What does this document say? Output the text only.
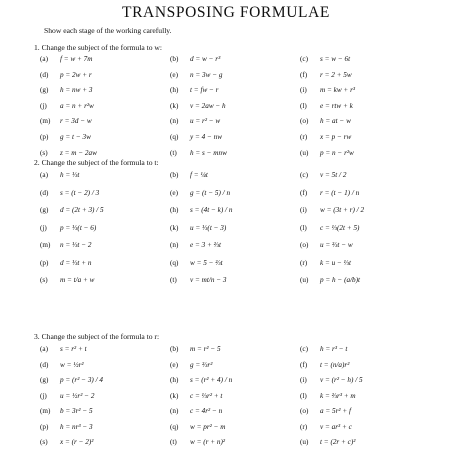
TRANSPOSING FORMULAE
Show each stage of the working carefully.
1. Change the subject of the formula to w:
(a) f = w + 7m	(b) d = w − r³	(c) s = w − 6t
(d) p = 2w + r	(e) n = 3w − g	(f) r = 2 + 5w
(g) h = nw + 3	(h) t = fw − r	(i) m = kw + r³
(j) a = n + r²w	(k) v = 2aw − h	(l) e = rtw + k
(m) r = 3d − w	(n) u = r² − w	(o) h = at − w
(p) g = t − 3w	(q) y = 4 − nw	(r) x = p − rw
(s) z = m − 2aw	(t) h = s − mnw	(u) p = n − r²w
2. Change the subject of the formula to t:
(a) h = ⅓t	(b) f = ¼t	(c) v = 5t / 2
(d) s = (t − 2) / 3	(e) g = (t − 5) / n	(f) r = (t − 1) / n
(g) d = (2t + 3) / 5	(h) s = (4t − k) / n	(i) w = (3t + r) / 2
(j) p = ⅓(t − 6)	(k) u = ⅓(t − 3)	(l) c = ⅓(2t + 5)
(m) n = ⅓t − 2	(n) e = 3 + ⅔t	(o) u = ⅔t − w
(p) d = ⅓t + n	(q) w = 5 − ⅔t	(r) k = u − ⅓t
(s) m = t/a + w	(t) v = mt/n − 3	(u) p = h − (a/b)t
3. Change the subject of the formula to r:
(a) s = r² + t	(b) m = r² − 5	(c) h = r³ − t
(d) w = ½r²	(e) g = ⅔r²	(f) t = (n/a)r²
(g) p = (r² − 3) / 4	(h) s = (r² + 4) / n	(i) v = (r² − h) / 5
(j) u = ½r² − 2	(k) c = ⅓r² + t	(l) k = ⅔r³ + m
(m) b = 3r² − 5	(n) c = 4r² − n	(o) a = 5r² + f
(p) h = nr³ − 3	(q) w = pr² − m	(r) v = ar³ + c
(s) x = (r − 2)²	(t) w = (r + n)²	(u) t = (2r + c)²
